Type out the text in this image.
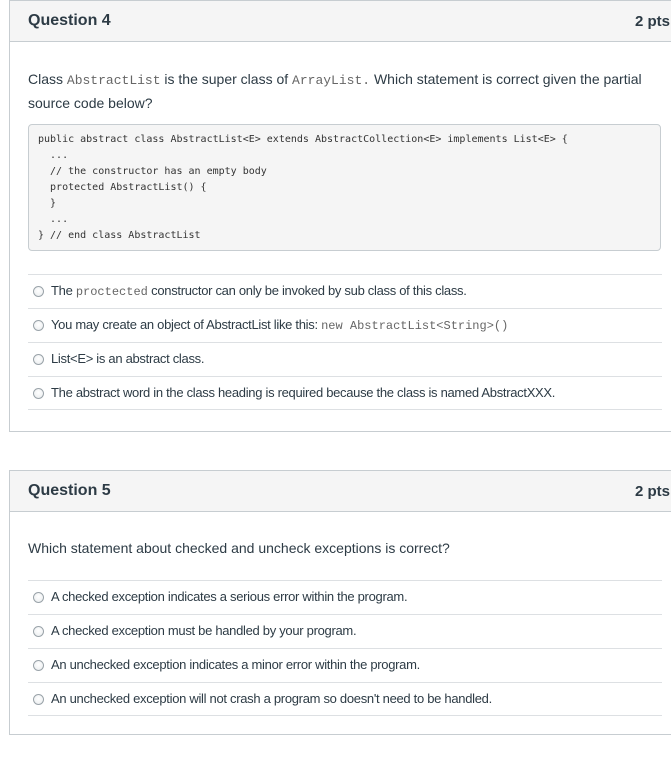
Question 4	2 pts
Class AbstractList is the super class of ArrayList. Which statement is correct given the partial source code below?
public abstract class AbstractList<E> extends AbstractCollection<E> implements List<E> {
...
// the constructor has an empty body
protected AbstractList() {
}
...
} // end class AbstractList
The proctected constructor can only be invoked by sub class of this class.
You may create an object of AbstractList like this: new AbstractList<String>()
List<E> is an abstract class.
The abstract word in the class heading is required because the class is named AbstractXXX.
Question 5	2 pts
Which statement about checked and uncheck exceptions is correct?
A checked exception indicates a serious error within the program.
A checked exception must be handled by your program.
An unchecked exception indicates a minor error within the program.
An unchecked exception will not crash a program so doesn't need to be handled.
